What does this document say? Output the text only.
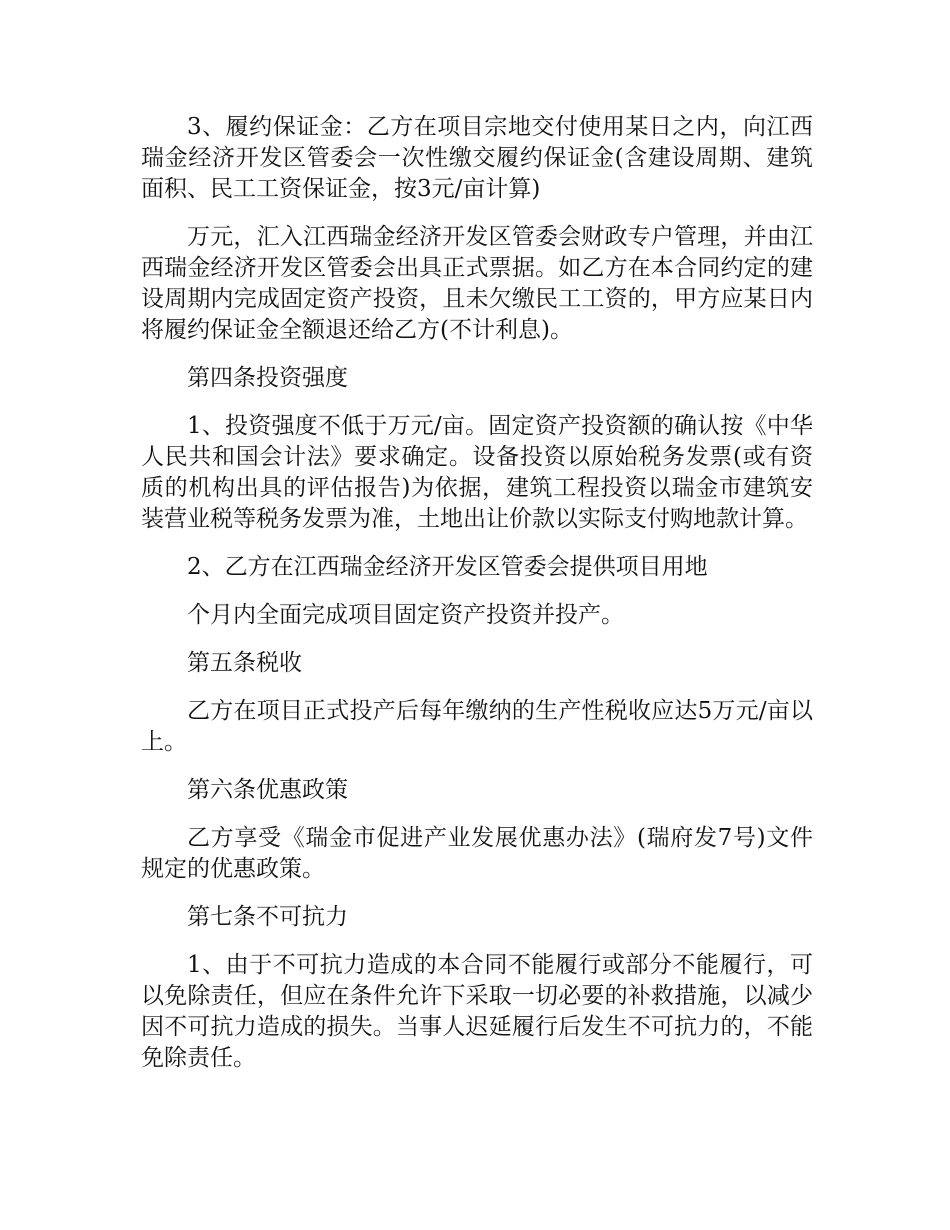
3、履约保证金：乙方在项目宗地交付使用某日之内，向江西瑞金经济开发区管委会一次性缴交履约保证金(含建设周期、建筑面积、民工工资保证金，按3元/亩计算)

万元，汇入江西瑞金经济开发区管委会财政专户管理，并由江西瑞金经济开发区管委会出具正式票据。如乙方在本合同约定的建设周期内完成固定资产投资，且未欠缴民工工资的，甲方应某日内将履约保证金全额退还给乙方(不计利息)。

第四条投资强度

1、投资强度不低于万元/亩。固定资产投资额的确认按《中华人民共和国会计法》要求确定。设备投资以原始税务发票(或有资质的机构出具的评估报告)为依据，建筑工程投资以瑞金市建筑安装营业税等税务发票为准，土地出让价款以实际支付购地款计算。

2、乙方在江西瑞金经济开发区管委会提供项目用地

个月内全面完成项目固定资产投资并投产。

第五条税收

乙方在项目正式投产后每年缴纳的生产性税收应达5万元/亩以上。

第六条优惠政策

乙方享受《瑞金市促进产业发展优惠办法》(瑞府发7号)文件规定的优惠政策。

第七条不可抗力

1、由于不可抗力造成的本合同不能履行或部分不能履行，可以免除责任，但应在条件允许下采取一切必要的补救措施，以减少因不可抗力造成的损失。当事人迟延履行后发生不可抗力的，不能免除责任。
